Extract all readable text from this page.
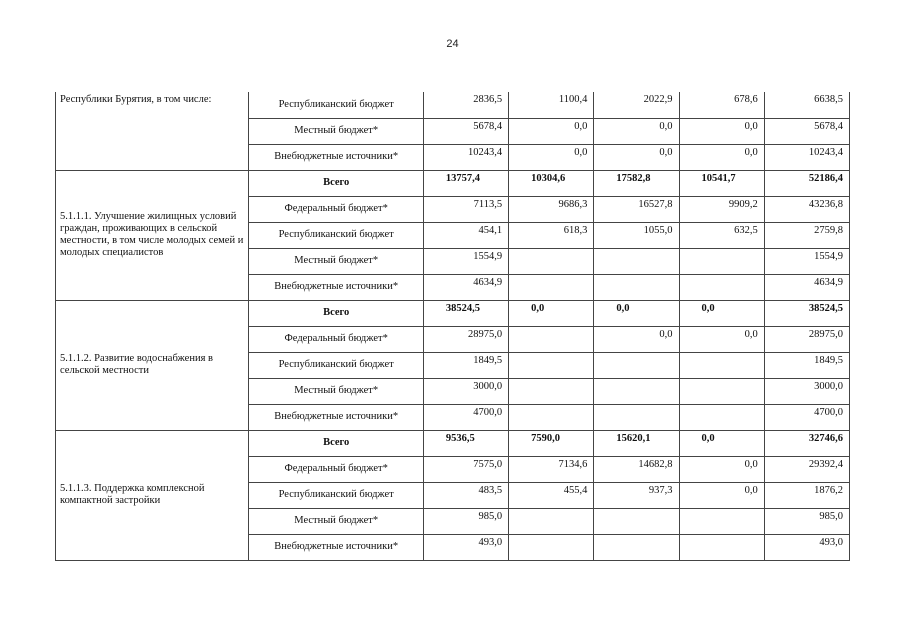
24
Республики Бурятия, в том числе:	Республиканский бюджет	2836,5	1100,4	2022,9	678,6	6638,5
	Местный бюджет*	5678,4	0,0	0,0	0,0	5678,4
	Внебюджетные источники*	10243,4	0,0	0,0	0,0	10243,4
5.1.1.1. Улучшение жилищных условий граждан, проживающих в сельской местности, в том числе молодых семей и молодых специалистов	Всего	13757,4	10304,6	17582,8	10541,7	52186,4
	Федеральный бюджет*	7113,5	9686,3	16527,8	9909,2	43236,8
	Республиканский бюджет	454,1	618,3	1055,0	632,5	2759,8
	Местный бюджет*	1554,9				1554,9
	Внебюджетные источники*	4634,9				4634,9
5.1.1.2. Развитие водоснабжения в сельской местности	Всего	38524,5	0,0	0,0	0,0	38524,5
	Федеральный бюджет*	28975,0		0,0	0,0	28975,0
	Республиканский бюджет	1849,5				1849,5
	Местный бюджет*	3000,0				3000,0
	Внебюджетные источники*	4700,0				4700,0
5.1.1.3. Поддержка комплексной компактной застройки	Всего	9536,5	7590,0	15620,1	0,0	32746,6
	Федеральный бюджет*	7575,0	7134,6	14682,8	0,0	29392,4
	Республиканский бюджет	483,5	455,4	937,3	0,0	1876,2
	Местный бюджет*	985,0				985,0
	Внебюджетные источники*	493,0				493,0
